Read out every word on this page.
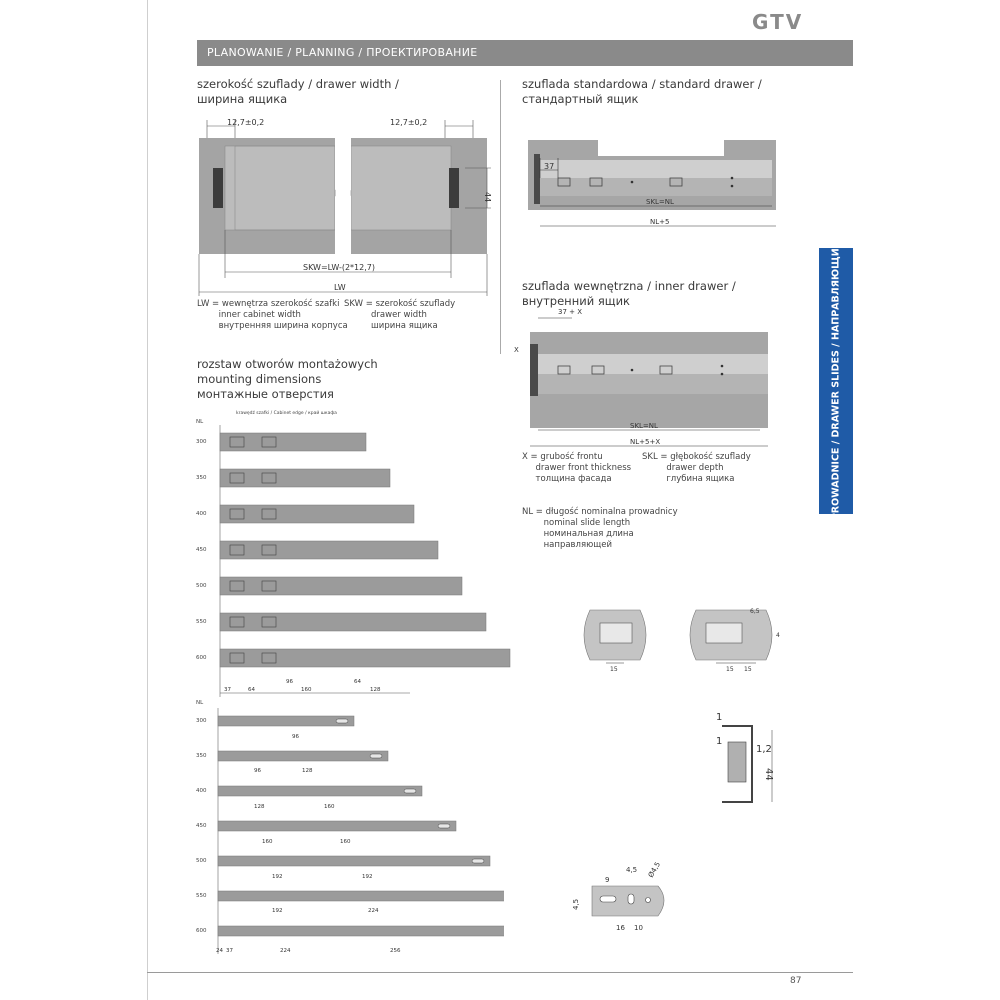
GTV
PLANOWANIE / PLANNING / ПРОЕКТИРОВАНИЕ
PROWADNICE / DRAWER SLIDES / НАПРАВЛЯЮЩИЕ
87
szerokość szuflady / drawer width /
ширина ящика
12,7±0,2	12,7±0,2
44
SKW=LW-(2*12,7)
LW
LW = wewnętrza szerokość szafki
inner cabinet width
внутренняя ширина корпуса
SKW = szerokość szuflady
drawer width
ширина ящика
szuflada standardowa / standard drawer /
стандартный ящик
37
SKL=NL
NL+5
szuflada wewnętrzna / inner drawer /
внутренний ящик
37 + X
X
SKL=NL
NL+5+X
X = grubość frontu
drawer front thickness
толщина фасада
SKL = głębokość szuflady
drawer depth
глубина ящика
NL = długość nominalna prowadnicy
nominal slide length
номинальная длина
направляющей
rozstaw otworów montażowych
mounting dimensions
монтажные отверстия
NL
krawędź szafki / Cabinet edge / край шкафа
37	64
96
160
64
128
300
350
400
450
500
550
600
NL
96
96	128
128	160
160	160
192	192
192	224
24 37	224	256
300
350
400
450
500
550
600
15
6,5
15 15
4
1
1
1,2
44
9
4,5 Ø4,5
4,5
16 10
